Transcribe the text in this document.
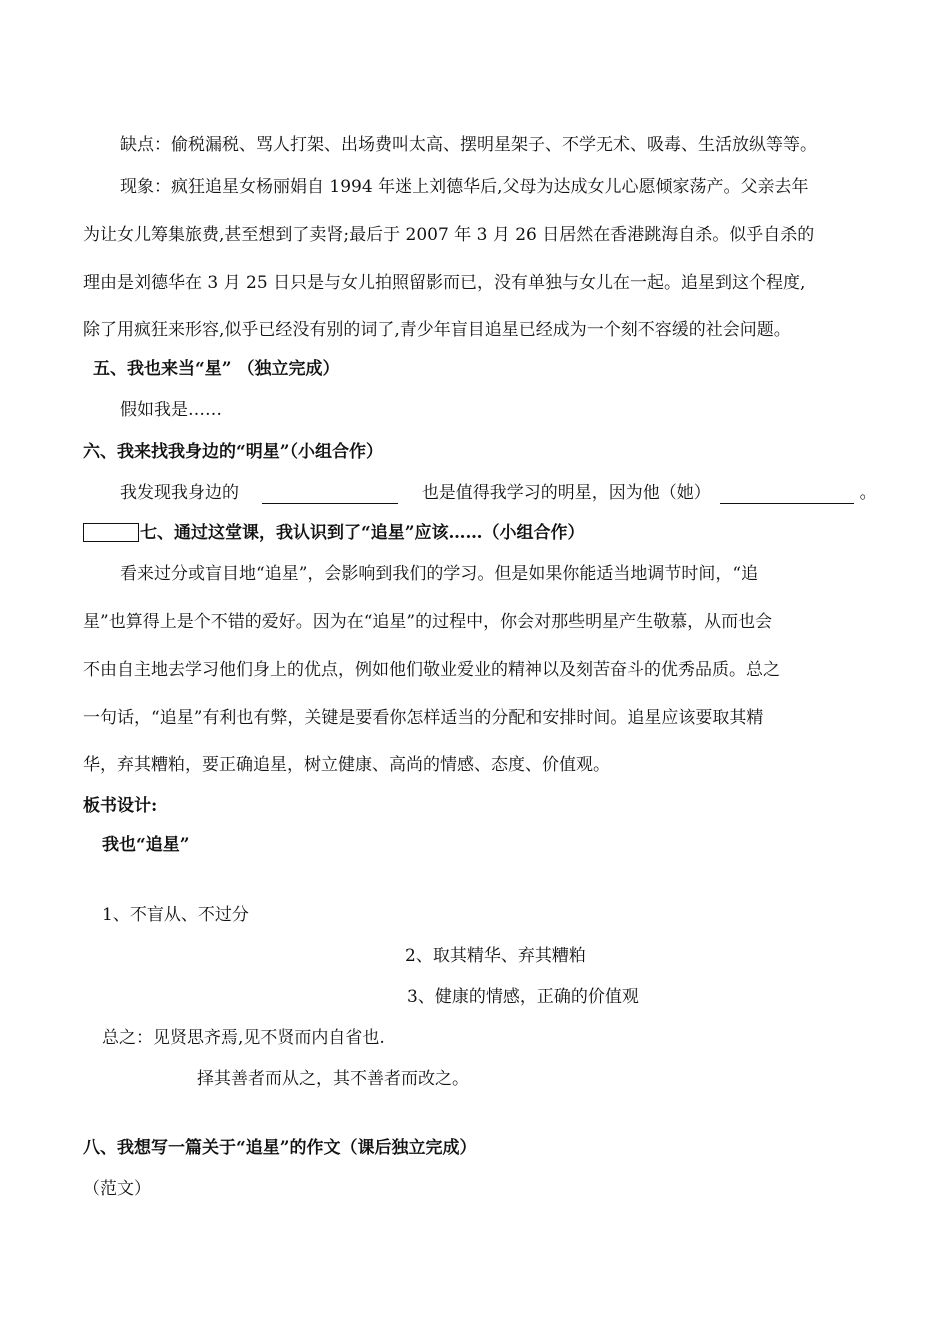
缺点：偷税漏税、骂人打架、出场费叫太高、摆明星架子、不学无术、吸毒、生活放纵等等。
现象：疯狂追星女杨丽娟自 1994 年迷上刘德华后,父母为达成女儿心愿倾家荡产。父亲去年
为让女儿筹集旅费,甚至想到了卖肾;最后于 2007 年 3 月 26 日居然在香港跳海自杀。似乎自杀的
理由是刘德华在 3 月 25 日只是与女儿拍照留影而已，没有单独与女儿在一起。追星到这个程度,
除了用疯狂来形容,似乎已经没有别的词了,青少年盲目追星已经成为一个刻不容缓的社会问题。
五、我也来当“星” （独立完成）
假如我是……
六、我来找我身边的“明星”（小组合作）
我发现我身边的	也是值得我学习的明星，因为他（她）	。
七、通过这堂课，我认识到了“追星”应该……（小组合作）
看来过分或盲目地“追星”，会影响到我们的学习。但是如果你能适当地调节时间，“追
星”也算得上是个不错的爱好。因为在“追星”的过程中，你会对那些明星产生敬慕，从而也会
不由自主地去学习他们身上的优点，例如他们敬业爱业的精神以及刻苦奋斗的优秀品质。总之
一句话，“追星”有利也有弊，关键是要看你怎样适当的分配和安排时间。追星应该要取其精
华，弃其糟粕，要正确追星，树立健康、高尚的情感、态度、价值观。
板书设计:
我也“追星”
1、不盲从、不过分
2、取其精华、弃其糟粕
3、健康的情感，正确的价值观
总之：见贤思齐焉,见不贤而内自省也.
择其善者而从之，其不善者而改之。
八、我想写一篇关于“追星”的作文（课后独立完成）
（范文）
